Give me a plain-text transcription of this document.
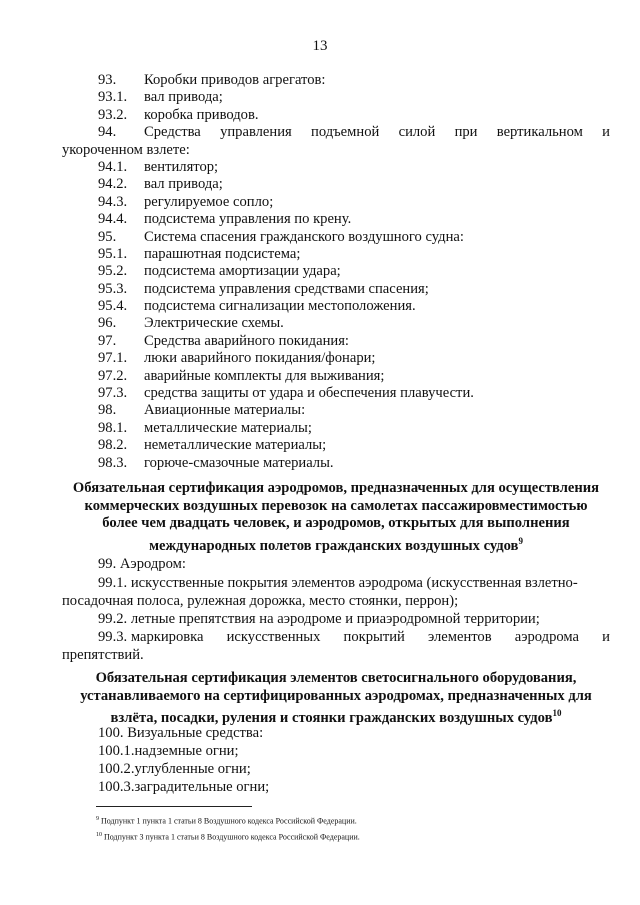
13
93. Коробки приводов агрегатов:
93.1. вал привода;
93.2. коробка приводов.
94. Средства управления подъемной силой при вертикальном и
укороченном взлете:
94.1. вентилятор;
94.2. вал привода;
94.3. регулируемое сопло;
94.4. подсистема управления по крену.
95. Система спасения гражданского воздушного судна:
95.1. парашютная подсистема;
95.2. подсистема амортизации удара;
95.3. подсистема управления средствами спасения;
95.4. подсистема сигнализации местоположения.
96. Электрические схемы.
97. Средства аварийного покидания:
97.1. люки аварийного покидания/фонари;
97.2. аварийные комплекты для выживания;
97.3. средства защиты от удара и обеспечения плавучести.
98. Авиационные материалы:
98.1. металлические материалы;
98.2. неметаллические материалы;
98.3. горюче-смазочные материалы.
Обязательная сертификация аэродромов, предназначенных для осуществления
коммерческих воздушных перевозок на самолетах пассажировместимостью
более чем двадцать человек, и аэродромов, открытых для выполнения
международных полетов гражданских воздушных судов$^9$
99. Аэродром:
99.1. искусственные покрытия элементов аэродрома (искусственная взлетно-
посадочная полоса, рулежная дорожка, место стоянки, перрон);
99.2. летные препятствия на аэродроме и приаэродромной территории;
99.3. маркировка искусственных покрытий элементов аэродрома и
препятствий.
Обязательная сертификация элементов светосигнального оборудования,
устанавливаемого на сертифицированных аэродромах, предназначенных для
взлёта, посадки, руления и стоянки гражданских воздушных судов$^{10}$
100. Визуальные средства:
100.1.надземные огни;
100.2.углубленные огни;
100.3.заградительные огни;
$^9$ Подпункт 1 пункта 1 статьи 8 Воздушного кодекса Российской Федерации.
$^{10}$ Подпункт 3 пункта 1 статьи 8 Воздушного кодекса Российской Федерации.
